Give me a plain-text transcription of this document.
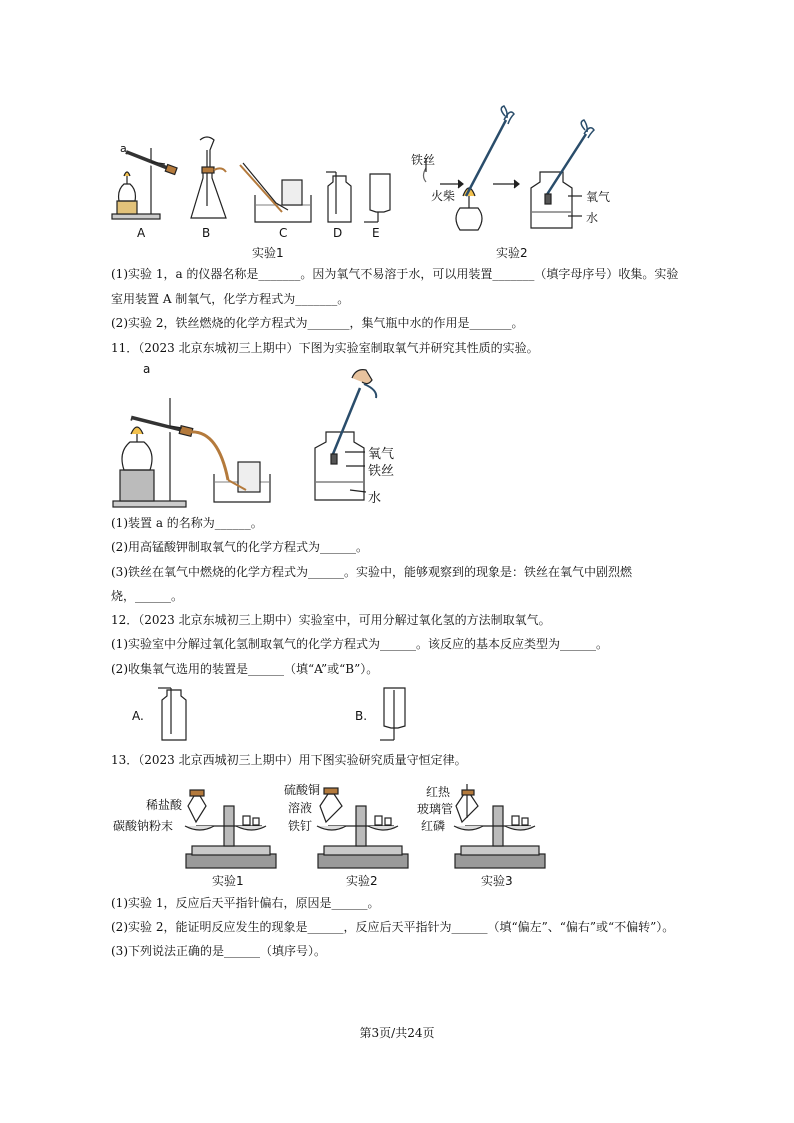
a
A	B	C	D E
铁丝
火柴	氧气
水
实验1	实验2
(1)实验 1，a 的仪器名称是_______。因为氧气不易溶于水，可以用装置_______（填字母序号）收集。实验
室用装置 A 制氧气，化学方程式为_______。
(2)实验 2，铁丝燃烧的化学方程式为_______，集气瓶中水的作用是_______。
11．（2023 北京东城初三上期中）下图为实验室制取氧气并研究其性质的实验。
a
氧气
铁丝
水
(1)装置 a 的名称为______。
(2)用高锰酸钾制取氧气的化学方程式为______。
(3)铁丝在氧气中燃烧的化学方程式为______。实验中，能够观察到的现象是：铁丝在氧气中剧烈燃
烧，______。
12．（2023 北京东城初三上期中）实验室中，可用分解过氧化氢的方法制取氧气。
(1)实验室中分解过氧化氢制取氧气的化学方程式为______。该反应的基本反应类型为______。
(2)收集氧气选用的装置是______（填“A”或“B”）。
A.	B.
13．（2023 北京西城初三上期中）用下图实验研究质量守恒定律。
稀盐酸
碳酸钠粉末
硫酸铜
溶液
铁钉
红热
玻璃管
红磷
实验1	实验2	实验3
(1)实验 1，反应后天平指针偏右，原因是______。
(2)实验 2，能证明反应发生的现象是______，反应后天平指针为______（填“偏左”、“偏右”或“不偏转”）。
(3)下列说法正确的是______（填序号）。
第3页/共24页
